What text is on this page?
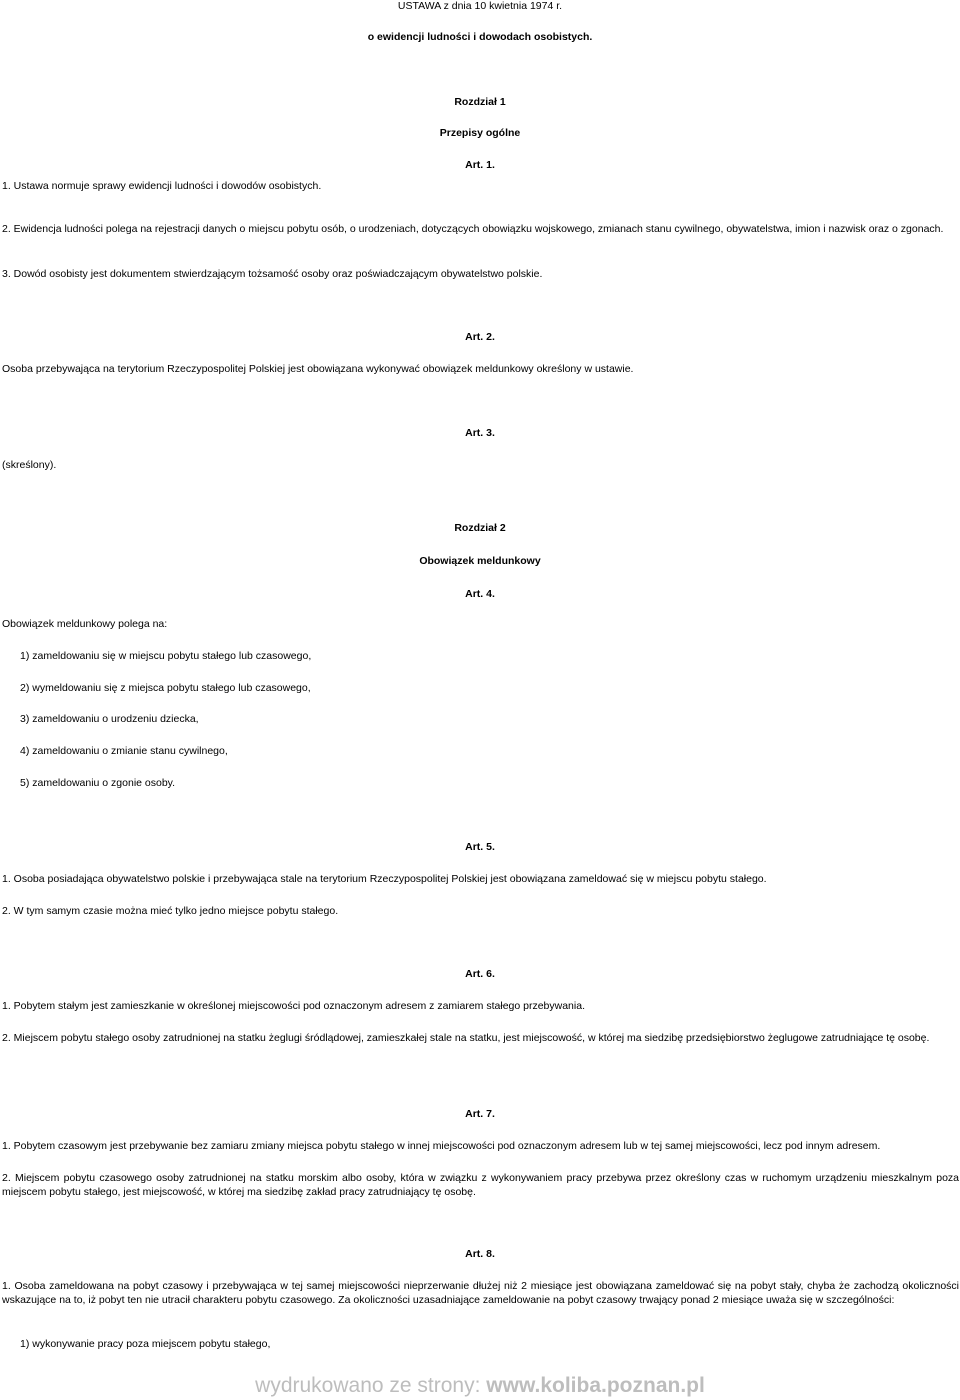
USTAWA z dnia 10 kwietnia 1974 r.
o ewidencji ludności i dowodach osobistych.
Rozdział 1
Przepisy ogólne
Art. 1.
1. Ustawa normuje sprawy ewidencji ludności i dowodów osobistych.
2. Ewidencja ludności polega na rejestracji danych o miejscu pobytu osób, o urodzeniach, dotyczących obowiązku wojskowego, zmianach stanu cywilnego, obywatelstwa, imion i nazwisk oraz o zgonach.
3. Dowód osobisty jest dokumentem stwierdzającym tożsamość osoby oraz poświadczającym obywatelstwo polskie.
Art. 2.
Osoba przebywająca na terytorium Rzeczypospolitej Polskiej jest obowiązana wykonywać obowiązek meldunkowy określony w ustawie.
Art. 3.
(skreślony).
Rozdział 2
Obowiązek meldunkowy
Art. 4.
Obowiązek meldunkowy polega na:
1) zameldowaniu się w miejscu pobytu stałego lub czasowego,
2) wymeldowaniu się z miejsca pobytu stałego lub czasowego,
3) zameldowaniu o urodzeniu dziecka,
4) zameldowaniu o zmianie stanu cywilnego,
5) zameldowaniu o zgonie osoby.
Art. 5.
1. Osoba posiadająca obywatelstwo polskie i przebywająca stale na terytorium Rzeczypospolitej Polskiej jest obowiązana zameldować się w miejscu pobytu stałego.
2. W tym samym czasie można mieć tylko jedno miejsce pobytu stałego.
Art. 6.
1. Pobytem stałym jest zamieszkanie w określonej miejscowości pod oznaczonym adresem z zamiarem stałego przebywania.
2. Miejscem pobytu stałego osoby zatrudnionej na statku żeglugi śródlądowej, zamieszkałej stale na statku, jest miejscowość, w której ma siedzibę przedsiębiorstwo żeglugowe zatrudniające tę osobę.
Art. 7.
1. Pobytem czasowym jest przebywanie bez zamiaru zmiany miejsca pobytu stałego w innej miejscowości pod oznaczonym adresem lub w tej samej miejscowości, lecz pod innym adresem.
2. Miejscem pobytu czasowego osoby zatrudnionej na statku morskim albo osoby, która w związku z wykonywaniem pracy przebywa przez określony czas w ruchomym urządzeniu mieszkalnym poza miejscem pobytu stałego, jest miejscowość, w której ma siedzibę zakład pracy zatrudniający tę osobę.
Art. 8.
1. Osoba zameldowana na pobyt czasowy i przebywająca w tej samej miejscowości nieprzerwanie dłużej niż 2 miesiące jest obowiązana zameldować się na pobyt stały, chyba że zachodzą okoliczności wskazujące na to, iż pobyt ten nie utracił charakteru pobytu czasowego. Za okoliczności uzasadniające zameldowanie na pobyt czasowy trwający ponad 2 miesiące uważa się w szczególności:
1) wykonywanie pracy poza miejscem pobytu stałego,
wydrukowano ze strony: www.koliba.poznan.pl
